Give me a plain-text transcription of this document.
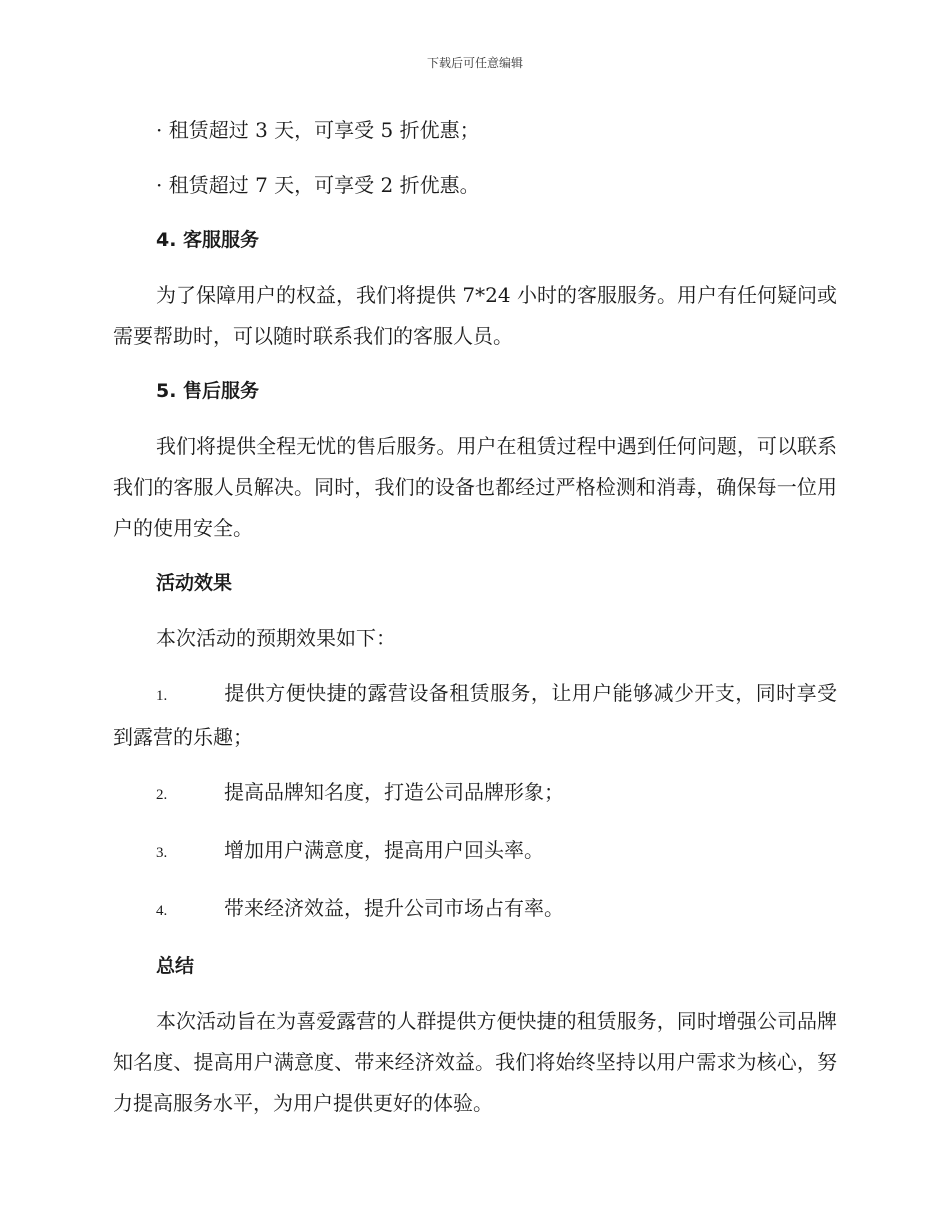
下载后可任意编辑

· 租赁超过 3 天，可享受 5 折优惠；

· 租赁超过 7 天，可享受 2 折优惠。

4. 客服服务

为了保障用户的权益，我们将提供 7*24 小时的客服服务。用户有任何疑问或需要帮助时，可以随时联系我们的客服人员。

5. 售后服务

我们将提供全程无忧的售后服务。用户在租赁过程中遇到任何问题，可以联系我们的客服人员解决。同时，我们的设备也都经过严格检测和消毒，确保每一位用户的使用安全。

活动效果

本次活动的预期效果如下：

1.	提供方便快捷的露营设备租赁服务，让用户能够减少开支，同时享受到露营的乐趣；

2.	提高品牌知名度，打造公司品牌形象；

3.	增加用户满意度，提高用户回头率。

4.	带来经济效益，提升公司市场占有率。

总结

本次活动旨在为喜爱露营的人群提供方便快捷的租赁服务，同时增强公司品牌知名度、提高用户满意度、带来经济效益。我们将始终坚持以用户需求为核心，努力提高服务水平，为用户提供更好的体验。
